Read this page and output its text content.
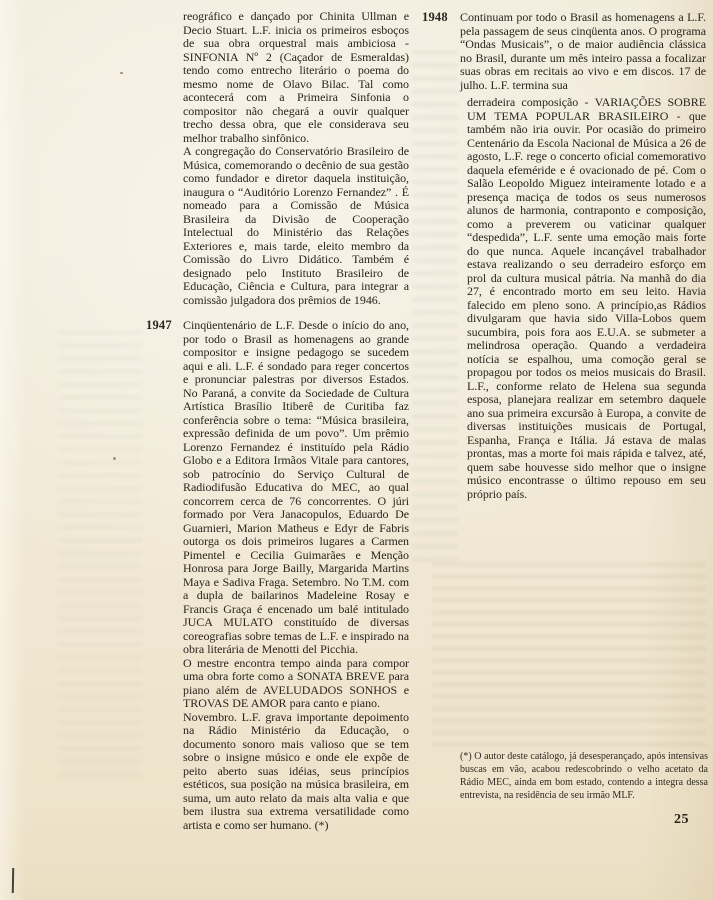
reográfico e dançado por Chinita Ullman e Decio Stuart. L.F. inicia os primeiros esboços de sua obra orquestral mais ambiciosa - SINFONIA Nº 2 (Caçador de Esmeraldas) tendo como entrecho literário o poema do mesmo nome de Olavo Bilac. Tal como acontecerá com a Primeira Sinfonia o compositor não chegará a ouvir qualquer trecho dessa obra, que ele considerava seu melhor trabalho sinfônico.

A congregação do Conservatório Brasileiro de Música, comemorando o decênio de sua gestão como fundador e diretor daquela instituição, inaugura o “Auditório Lorenzo Fernandez” . É nomeado para a Comissão de Música Brasileira da Divisão de Cooperação Intelectual do Ministério das Relações Exteriores e, mais tarde, eleito membro da Comissão do Livro Didático. Também é designado pelo Instituto Brasileiro de Educação, Ciência e Cultura, para integrar a comissão julgadora dos prêmios de 1946.

1947 Cinqüentenário de L.F. Desde o início do ano, por todo o Brasil as homenagens ao grande compositor e insigne pedagogo se sucedem aqui e ali. L.F. é sondado para reger concertos e pronunciar palestras por diversos Estados. No Paraná, a convite da Sociedade de Cultura Artística Brasílio Itiberê de Curitiba faz conferência sobre o tema: “Música brasileira, expressão definida de um povo”. Um prêmio Lorenzo Fernandez é instituído pela Rádio Globo e a Editora Irmãos Vitale para cantores, sob patrocínio do Serviço Cultural de Radiodifusão Educativa do MEC, ao qual concorrem cerca de 76 concorrentes. O júri formado por Vera Janacopulos, Eduardo De Guarnieri, Marion Matheus e Edyr de Fabris outorga os dois primeiros lugares a Carmen Pimentel e Cecilia Guimarães e Menção Honrosa para Jorge Bailly, Margarida Martins Maya e Sadiva Fraga. Setembro. No T.M. com a dupla de bailarinos Madeleine Rosay e Francis Graça é encenado um balé intitulado JUCA MULATO constituído de diversas coreografias sobre temas de L.F. e inspirado na obra literária de Menotti del Picchia.

O mestre encontra tempo ainda para compor uma obra forte como a SONATA BREVE para piano além de AVELUDADOS SONHOS e TROVAS DE AMOR para canto e piano.

Novembro. L.F. grava importante depoimento na Rádio Ministério da Educação, o documento sonoro mais valioso que se tem sobre o insigne músico e onde ele expõe de peito aberto suas idéias, seus princípios estéticos, sua posição na música brasileira, em suma, um auto relato da mais alta valia e que bem ilustra sua extrema versatilidade como artista e como ser humano. (*)

1948	Continuam por todo o Brasil as homenagens a L.F. pela passagem de seus cinqüenta anos. O programa “Ondas Musicais”, o de maior audiência clássica no Brasil, durante um mês inteiro passa a focalizar suas obras em recitais ao vivo e em discos. 17 de julho. L.F. termina sua

derradeira composição - VARIAÇÕES SOBRE UM TEMA POPULAR BRASILEIRO - que também não iria ouvir. Por ocasião do primeiro Centenário da Escola Nacional de Música a 26 de agosto, L.F. rege o concerto oficial comemorativo daquela efeméride e é ovacionado de pé. Com o Salão Leopoldo Miguez inteiramente lotado e a presença maciça de todos os seus numerosos alunos de harmonia, contraponto e composição, como a preverem ou vaticinar qualquer “despedida”, L.F. sente uma emoção mais forte do que nunca. Aquele incançável trabalhador estava realizando o seu derradeiro esforço em prol da cultura musical pátria. Na manhã do dia 27, é encontrado morto em seu leito. Havia falecido em pleno sono. A princípio,as Rádios divulgaram que havia sido Villa-Lobos quem sucumbira, pois fora aos E.U.A. se submeter a melindrosa operação. Quando a verdadeira notícia se espalhou, uma comoção geral se propagou por todos os meios musicais do Brasil. L.F., conforme relato de Helena sua segunda esposa, planejara realizar em setembro daquele ano sua primeira excursão à Europa, a convite de diversas instituições musicais de Portugal, Espanha, França e Itália. Já estava de malas prontas, mas a morte foi mais rápida e talvez, até, quem sabe houvesse sido melhor que o insigne músico encontrasse o último repouso em seu próprio país.

(*) O autor deste catálogo, já desesperançado, após intensivas buscas em vão, acabou redescobrindo o velho acetato da Rádio MEC, ainda em bom estado, contendo a integra dessa entrevista, na residência de seu irmão MLF.

25
